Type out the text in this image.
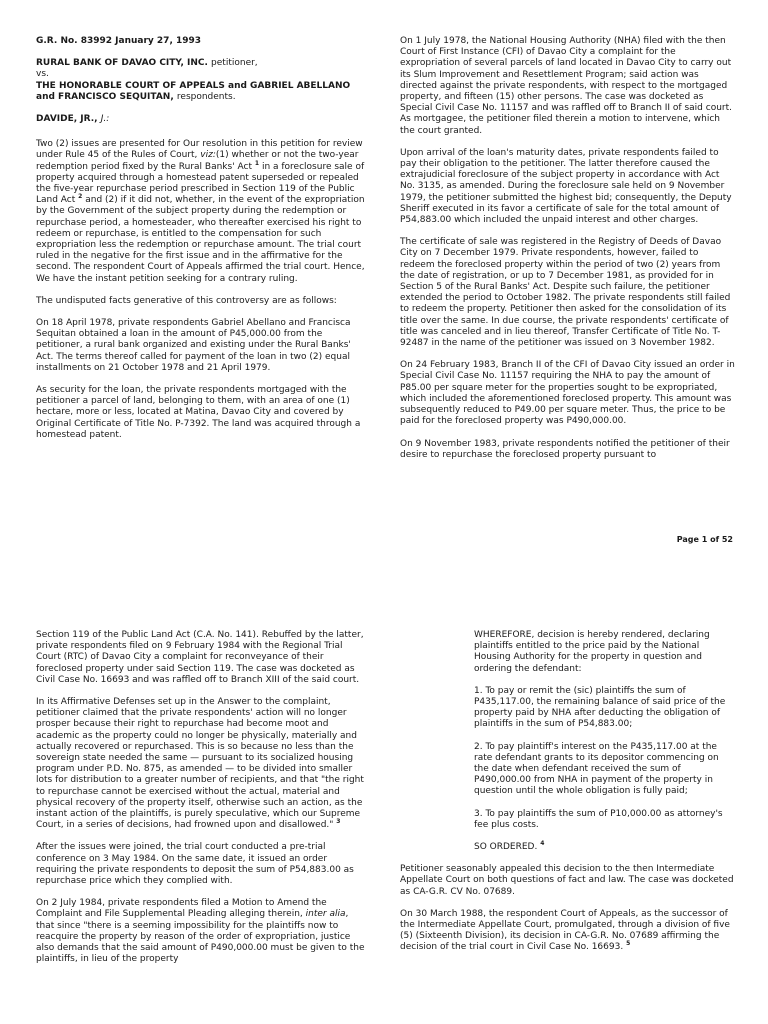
G.R. No. 83992 January 27, 1993
RURAL BANK OF DAVAO CITY, INC. petitioner,
vs.
THE HONORABLE COURT OF APPEALS and GABRIEL ABELLANO and FRANCISCO SEQUITAN, respondents.
DAVIDE, JR., J.:

Two (2) issues are presented for Our resolution in this petition for review under Rule 45 of the Rules of Court, viz:(1) whether or not the two-year redemption period fixed by the Rural Banks' Act $^1$ in a foreclosure sale of property acquired through a homestead patent superseded or repealed the five-year repurchase period prescribed in Section 119 of the Public Land Act $^2$ and (2) if it did not, whether, in the event of the expropriation by the Government of the subject property during the redemption or repurchase period, a homesteader, who thereafter exercised his right to redeem or repurchase, is entitled to the compensation for such expropriation less the redemption or repurchase amount. The trial court ruled in the negative for the first issue and in the affirmative for the second. The respondent Court of Appeals affirmed the trial court. Hence, We have the instant petition seeking for a contrary ruling.

The undisputed facts generative of this controversy are as follows:

On 18 April 1978, private respondents Gabriel Abellano and Francisca Sequitan obtained a loan in the amount of P45,000.00 from the petitioner, a rural bank organized and existing under the Rural Banks' Act. The terms thereof called for payment of the loan in two (2) equal installments on 21 October 1978 and 21 April 1979.

As security for the loan, the private respondents mortgaged with the petitioner a parcel of land, belonging to them, with an area of one (1) hectare, more or less, located at Matina, Davao City and covered by Original Certificate of Title No. P-7392. The land was acquired through a homestead patent.

On 1 July 1978, the National Housing Authority (NHA) filed with the then Court of First Instance (CFI) of Davao City a complaint for the expropriation of several parcels of land located in Davao City to carry out its Slum Improvement and Resettlement Program; said action was directed against the private respondents, with respect to the mortgaged property, and fifteen (15) other persons. The case was docketed as Special Civil Case No. 11157 and was raffled off to Branch II of said court. As mortgagee, the petitioner filed therein a motion to intervene, which the court granted.

Upon arrival of the loan's maturity dates, private respondents failed to pay their obligation to the petitioner. The latter therefore caused the extrajudicial foreclosure of the subject property in accordance with Act No. 3135, as amended. During the foreclosure sale held on 9 November 1979, the petitioner submitted the highest bid; consequently, the Deputy Sheriff executed in its favor a certificate of sale for the total amount of P54,883.00 which included the unpaid interest and other charges.

The certificate of sale was registered in the Registry of Deeds of Davao City on 7 December 1979. Private respondents, however, failed to redeem the foreclosed property within the period of two (2) years from the date of registration, or up to 7 December 1981, as provided for in Section 5 of the Rural Banks' Act. Despite such failure, the petitioner extended the period to October 1982. The private respondents still failed to redeem the property. Petitioner then asked for the consolidation of its title over the same. In due course, the private respondents' certificate of title was canceled and in lieu thereof, Transfer Certificate of Title No. T-92487 in the name of the petitioner was issued on 3 November 1982.

On 24 February 1983, Branch II of the CFI of Davao City issued an order in Special Civil Case No. 11157 requiring the NHA to pay the amount of P85.00 per square meter for the properties sought to be expropriated, which included the aforementioned foreclosed property. This amount was subsequently reduced to P49.00 per square meter. Thus, the price to be paid for the foreclosed property was P490,000.00.

On 9 November 1983, private respondents notified the petitioner of their desire to repurchase the foreclosed property pursuant to

Page 1 of 52

Section 119 of the Public Land Act (C.A. No. 141). Rebuffed by the latter, private respondents filed on 9 February 1984 with the Regional Trial Court (RTC) of Davao City a complaint for reconveyance of their foreclosed property under said Section 119. The case was docketed as Civil Case No. 16693 and was raffled off to Branch XIII of the said court.

In its Affirmative Defenses set up in the Answer to the complaint, petitioner claimed that the private respondents' action will no longer prosper because their right to repurchase had become moot and academic as the property could no longer be physically, materially and actually recovered or repurchased. This is so because no less than the sovereign state needed the same — pursuant to its socialized housing program under P.D. No. 875, as amended — to be divided into smaller lots for distribution to a greater number of recipients, and that "the right to repurchase cannot be exercised without the actual, material and physical recovery of the property itself, otherwise such an action, as the instant action of the plaintiffs, is purely speculative, which our Supreme Court, in a series of decisions, had frowned upon and disallowed." $^3$

After the issues were joined, the trial court conducted a pre-trial conference on 3 May 1984. On the same date, it issued an order requiring the private respondents to deposit the sum of P54,883.00 as repurchase price which they complied with.

On 2 July 1984, private respondents filed a Motion to Amend the Complaint and File Supplemental Pleading alleging therein, inter alia, that since "there is a seeming impossibility for the plaintiffs now to reacquire the property by reason of the order of expropriation, justice also demands that the said amount of P490,000.00 must be given to the plaintiffs, in lieu of the property

WHEREFORE, decision is hereby rendered, declaring plaintiffs entitled to the price paid by the National Housing Authority for the property in question and ordering the defendant:

1. To pay or remit the (sic) plaintiffs the sum of P435,117.00, the remaining balance of said price of the property paid by NHA after deducting the obligation of plaintiffs in the sum of P54,883.00;

2. To pay plaintiff's interest on the P435,117.00 at the rate defendant grants to its depositor commencing on the date when defendant received the sum of P490,000.00 from NHA in payment of the property in question until the whole obligation is fully paid;

3. To pay plaintiffs the sum of P10,000.00 as attorney's fee plus costs.

SO ORDERED. $^4$

Petitioner seasonably appealed this decision to the then Intermediate Appellate Court on both questions of fact and law. The case was docketed as CA-G.R. CV No. 07689.

On 30 March 1988, the respondent Court of Appeals, as the successor of the Intermediate Appellate Court, promulgated, through a division of five (5) (Sixteenth Division), its decision in CA-G.R. No. 07689 affirming the decision of the trial court in Civil Case No. 16693. $^5$
